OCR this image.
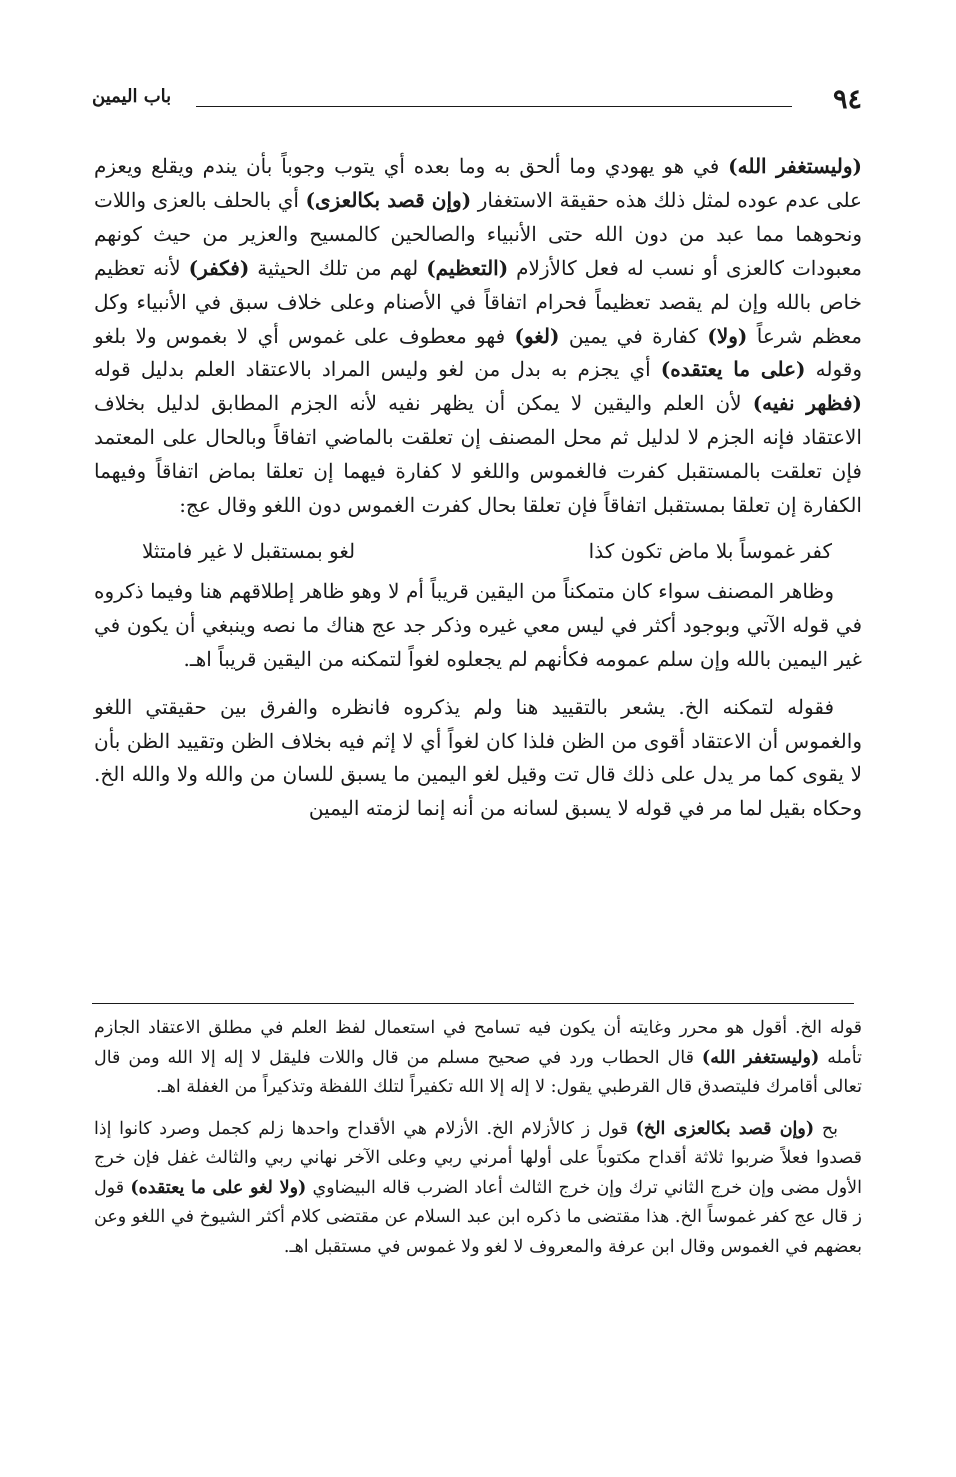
٩٤
باب اليمين

(وليستغفر الله) في هو يهودي وما ألحق به وما بعده أي يتوب وجوباً بأن يندم ويقلع ويعزم على عدم عوده لمثل ذلك هذه حقيقة الاستغفار (وإن قصد بكالعزى) أي بالحلف بالعزى واللات ونحوهما مما عبد من دون الله حتى الأنبياء والصالحين كالمسيح والعزير من حيث كونهم معبودات كالعزى أو نسب له فعل كالأزلام (التعظيم) لهم من تلك الحيثية (فكفر) لأنه تعظيم خاص بالله وإن لم يقصد تعظيماً فحرام اتفاقاً في الأصنام وعلى خلاف سبق في الأنبياء وكل معظم شرعاً (ولا) كفارة في يمين (لغو) فهو معطوف على غموس أي لا بغموس ولا بلغو وقوله (على ما يعتقده) أي يجزم به بدل من لغو وليس المراد بالاعتقاد العلم بدليل قوله (فظهر نفيه) لأن العلم واليقين لا يمكن أن يظهر نفيه لأنه الجزم المطابق لدليل بخلاف الاعتقاد فإنه الجزم لا لدليل ثم محل المصنف إن تعلقت بالماضي اتفاقاً وبالحال على المعتمد فإن تعلقت بالمستقبل كفرت فالغموس واللغو لا كفارة فيهما إن تعلقا بماض اتفاقاً وفيهما الكفارة إن تعلقا بمستقبل اتفاقاً فإن تعلقا بحال كفرت الغموس دون اللغو وقال عج:

كفر غموساً بلا ماض تكون كذا
لغو بمستقبل لا غير فامتثلا

وظاهر المصنف سواء كان متمكناً من اليقين قريباً أم لا وهو ظاهر إطلاقهم هنا وفيما ذكروه في قوله الآتي وبوجود أكثر في ليس معي غيره وذكر جد عج هناك ما نصه وينبغي أن يكون في غير اليمين بالله وإن سلم عمومه فكأنهم لم يجعلوه لغواً لتمكنه من اليقين قريباً اهـ.

فقوله لتمكنه الخ. يشعر بالتقييد هنا ولم يذكروه فانظره والفرق بين حقيقتي اللغو والغموس أن الاعتقاد أقوى من الظن فلذا كان لغواً أي لا إثم فيه بخلاف الظن وتقييد الظن بأن لا يقوى كما مر يدل على ذلك قال تت وقيل لغو اليمين ما يسبق للسان من والله ولا والله الخ. وحكاه بقيل لما مر في قوله لا يسبق لسانه من أنه إنما لزمته اليمين

قوله الخ. أقول هو محرر وغايته أن يكون فيه تسامح في استعمال لفظ العلم في مطلق الاعتقاد الجازم تأمله (وليستغفر الله) قال الحطاب ورد في صحيح مسلم من قال واللات فليقل لا إله إلا الله ومن قال تعالى أقامرك فليتصدق قال القرطبي يقول: لا إله إلا الله تكفيراً لتلك اللفظة وتذكيراً من الغفلة اهـ.

بح (وإن قصد بكالعزى الخ) قول ز كالأزلام الخ. الأزلام هي الأقداح واحدها زلم كجمل وصرد كانوا إذا قصدوا فعلاً ضربوا ثلاثة أقداح مكتوباً على أولها أمرني ربي وعلى الآخر نهاني ربي والثالث غفل فإن خرج الأول مضى وإن خرج الثاني ترك وإن خرج الثالث أعاد الضرب قاله البيضاوي (ولا لغو على ما يعتقده) قول ز قال عج كفر غموساً الخ. هذا مقتضى ما ذكره ابن عبد السلام عن مقتضى كلام أكثر الشيوخ في اللغو وعن بعضهم في الغموس وقال ابن عرفة والمعروف لا لغو ولا غموس في مستقبل اهـ.
